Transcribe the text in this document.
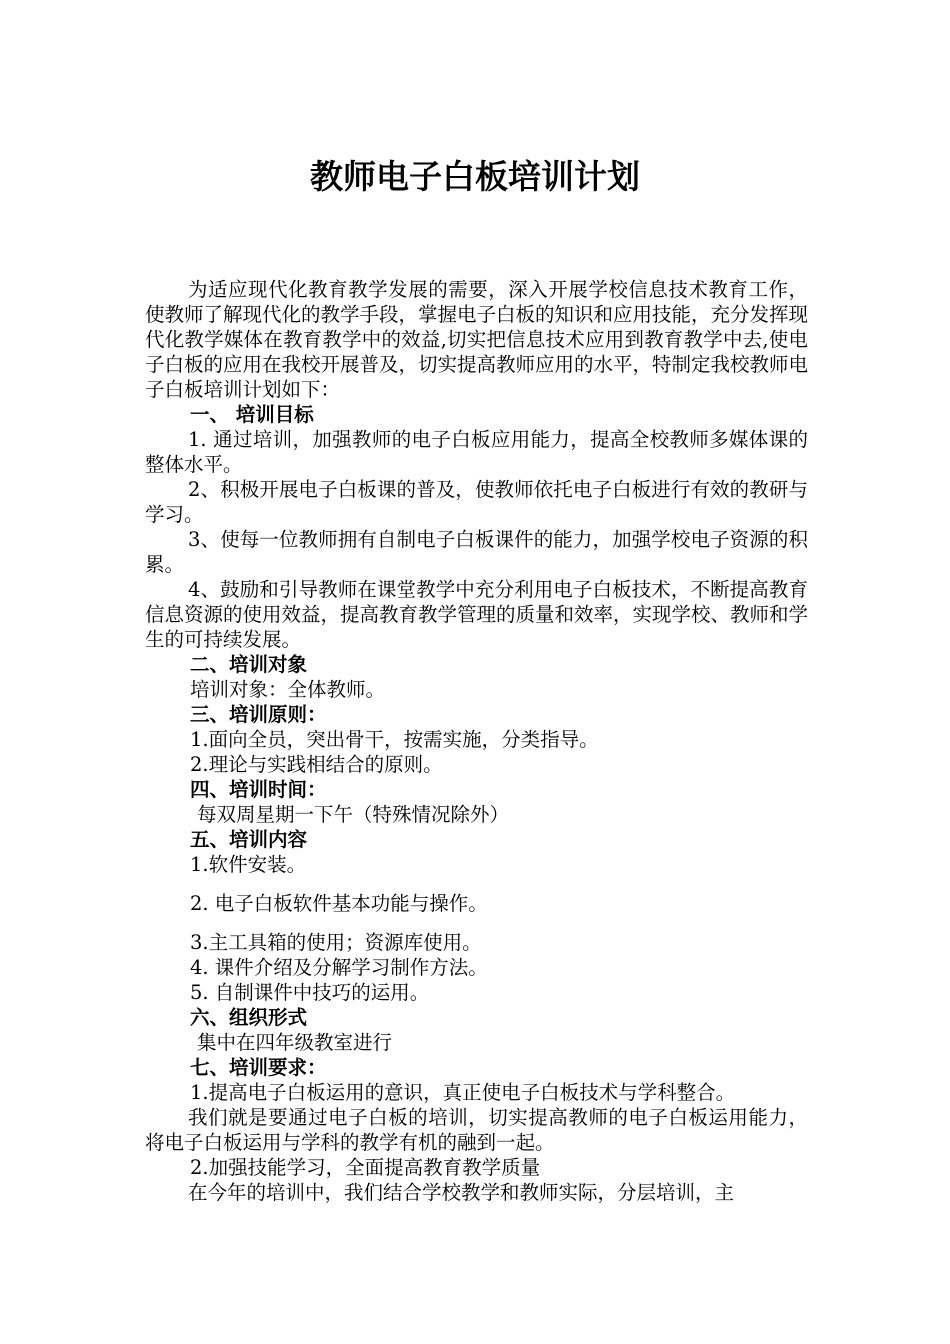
教师电子白板培训计划

为适应现代化教育教学发展的需要，深入开展学校信息技术教育工作，使教师了解现代化的教学手段，掌握电子白板的知识和应用技能，充分发挥现代化教学媒体在教育教学中的效益,切实把信息技术应用到教育教学中去,使电子白板的应用在我校开展普及，切实提高教师应用的水平，特制定我校教师电子白板培训计划如下：

一、 培训目标

1. 通过培训，加强教师的电子白板应用能力，提高全校教师多媒体课的整体水平。

2、积极开展电子白板课的普及，使教师依托电子白板进行有效的教研与学习。

3、使每一位教师拥有自制电子白板课件的能力，加强学校电子资源的积累。

4、鼓励和引导教师在课堂教学中充分利用电子白板技术，不断提高教育信息资源的使用效益，提高教育教学管理的质量和效率，实现学校、教师和学生的可持续发展。

二、培训对象

培训对象：全体教师。

三、培训原则：

1.面向全员，突出骨干，按需实施，分类指导。

2.理论与实践相结合的原则。

四、培训时间：

每双周星期一下午（特殊情况除外）

五、培训内容

1.软件安装。

2. 电子白板软件基本功能与操作。

3.主工具箱的使用；资源库使用。

4. 课件介绍及分解学习制作方法。

5. 自制课件中技巧的运用。

六、组织形式

集中在四年级教室进行

七、培训要求：

1.提高电子白板运用的意识，真正使电子白板技术与学科整合。

我们就是要通过电子白板的培训，切实提高教师的电子白板运用能力，将电子白板运用与学科的教学有机的融到一起。

2.加强技能学习，全面提高教育教学质量

在今年的培训中，我们结合学校教学和教师实际，分层培训，主
